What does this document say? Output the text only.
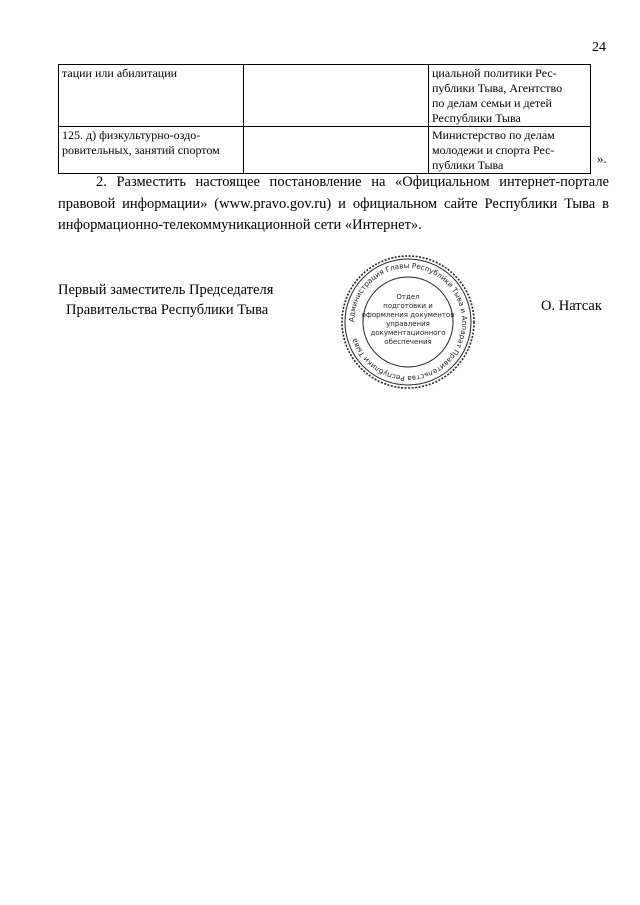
24
тации или абилитации		циальной политики Рес-
публики Тыва, Агентство
по делам семьи и детей
Республики Тыва

125. д) физкультурно-оздо-
ровительных, занятий спортом		Министерство по делам
молодежи и спорта Рес-
публики Тыва	».
2. Разместить настоящее постановление на «Официальном интернет-портале
правовой информации» (www.pravo.gov.ru) и официальном сайте Республики Тыва в
информационно-телекоммуникационной сети «Интернет».
Первый заместитель Председателя
Правительства Республики Тыва	О. Натсак
Администрация Главы Республики Тыва и Аппарат Правительства Республики Тыва
Отдел
подготовки и
оформления документов
управления
документационного
обеспечения
